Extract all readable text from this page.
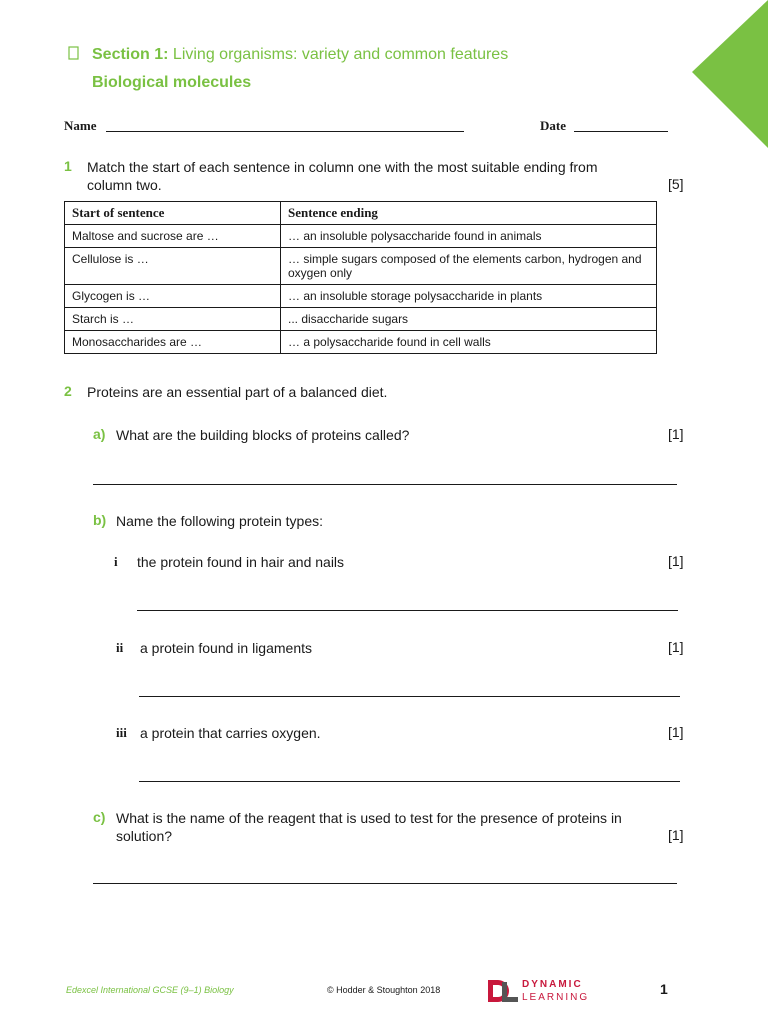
Section 1: Living organisms: variety and common features
Biological molecules
Name	Date
1 Match the start of each sentence in column one with the most suitable ending from
column two.	[5]
Start of sentence	Sentence ending
Maltose and sucrose are …	… an insoluble polysaccharide found in animals
Cellulose is …	… simple sugars composed of the elements carbon, hydrogen and oxygen only
Glycogen is …	… an insoluble storage polysaccharide in plants
Starch is …	... disaccharide sugars
Monosaccharides are …	… a polysaccharide found in cell walls
2 Proteins are an essential part of a balanced diet.
a) What are the building blocks of proteins called?	[1]
b) Name the following protein types:
i the protein found in hair and nails	[1]
ii a protein found in ligaments	[1]
iii a protein that carries oxygen.	[1]
c) What is the name of the reagent that is used to test for the presence of proteins in
solution?	[1]
Edexcel International GCSE (9–1) Biology	© Hodder & Stoughton 2018	DYNAMIC
LEARNING
1
